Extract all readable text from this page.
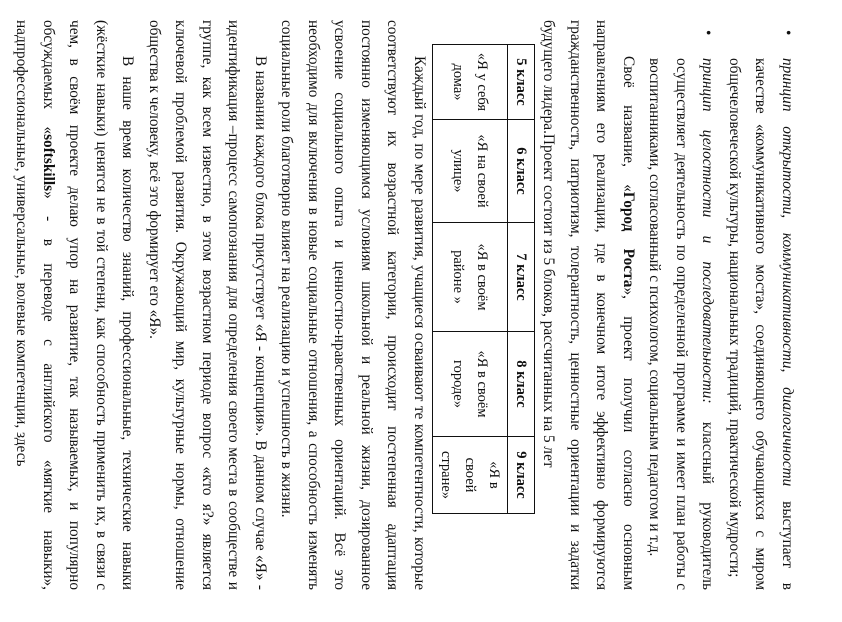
•
принцип открытости, коммуникативности, диалогичности выступает в качестве «коммуникативного моста», соединяющего обучающихся с миром общечеловеческой культуры, национальных традиций, практической мудрости;

•
принцип целостности и последовательности: классный руководитель осуществляет деятельность по определенной программе и имеет план работы с воспитанниками, согласованный с психологом, социальным педагогом и т.д.

Своё название, «Город Роста», проект получил согласно основным направлениям его реализации, где в конечном итоге эффективно формируются гражданственность, патриотизм, толерантность, ценностные ориентации и задатки будущего лидера.Проект состоит из 5 блоков, рассчитанных на 5 лет

5 класс	6 класс	7 класс	8 класс	9 класс
«Я у себя дома»	«Я на своей улице»	«Я в своём районе »	«Я в своём городе»	«Я в своей стране»

Каждый год, по мере развития, учащиеся осваивают те компетентности, которые соответствуют их возрастной категории, происходит постепенная адаптация постоянно изменяющимся условиям школьной и реальной жизни, дозированное усвоение социального опыта и ценностно-нравственных ориентаций. Всё это необходимо для включения в новые социальные отношения, а способность изменять социальные роли благотворно влияет на реализацию и успешность в жизни.

В названии каждого блока присутствует «Я - концепция». В данном случае «Я» - идентификация –процесс самопознания для определения своего места в сообществе и группе, как всем известно, в этом возрастном периоде вопрос «кто я?» является ключевой проблемой развития. Окружающий мир, культурные нормы, отношение общества к человеку, всё это формирует его «Я».

В наше время количество знаний, профессиональные, технические навыки (жёсткие навыки) ценятся не в той степени, как способность применить их, в связи с чем, в своём проекте делаю упор на развитие, так называемых, и популярно обсуждаемых «softskills» - в переводе с английского «мягкие навыки», надпрофессиональные, универсальные, волевые компетенции, здесь
